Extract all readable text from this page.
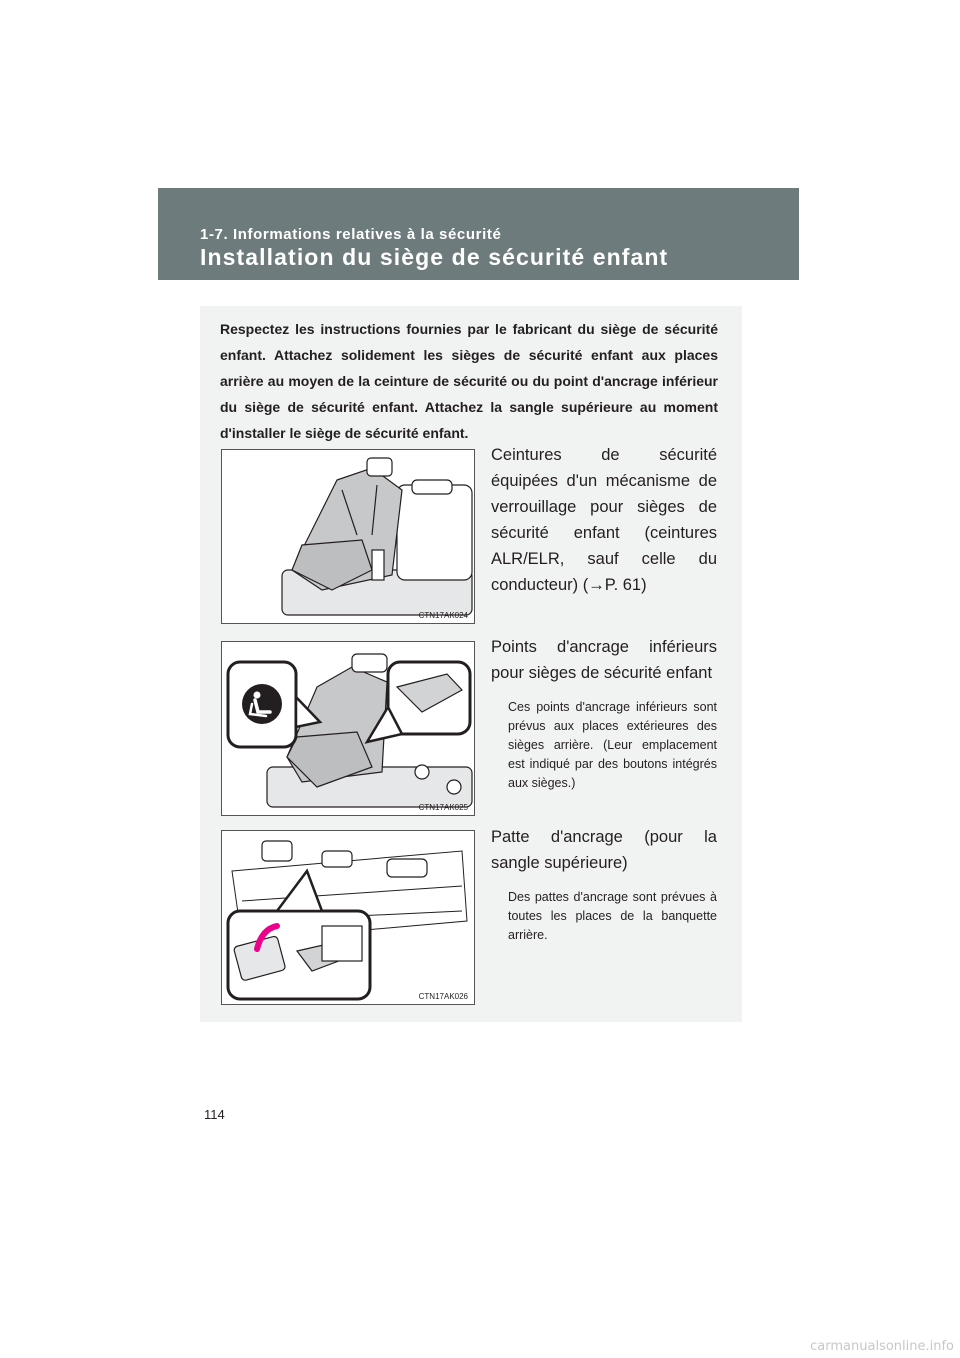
1-7. Informations relatives à la sécurité
Installation du siège de sécurité enfant
Respectez les instructions fournies par le fabricant du siège de sécurité enfant. Attachez solidement les sièges de sécurité enfant aux places arrière au moyen de la ceinture de sécurité ou du point d'ancrage inférieur du siège de sécurité enfant. Attachez la sangle supérieure au moment d'installer le siège de sécurité enfant.
CTN17AK024
CTN17AK025
CTN17AK026
Ceintures de sécurité équipées d'un mécanisme de verrouillage pour sièges de sécurité enfant (ceintures ALR/ELR, sauf celle du conducteur) (→P. 61)
Points d'ancrage inférieurs pour sièges de sécurité enfant
Ces points d'ancrage inférieurs sont prévus aux places extérieures des sièges arrière. (Leur emplacement est indiqué par des boutons intégrés aux sièges.)
Patte d'ancrage (pour la sangle supérieure)
Des pattes d'ancrage sont prévues à toutes les places de la banquette arrière.
114
carmanualsonline.info
